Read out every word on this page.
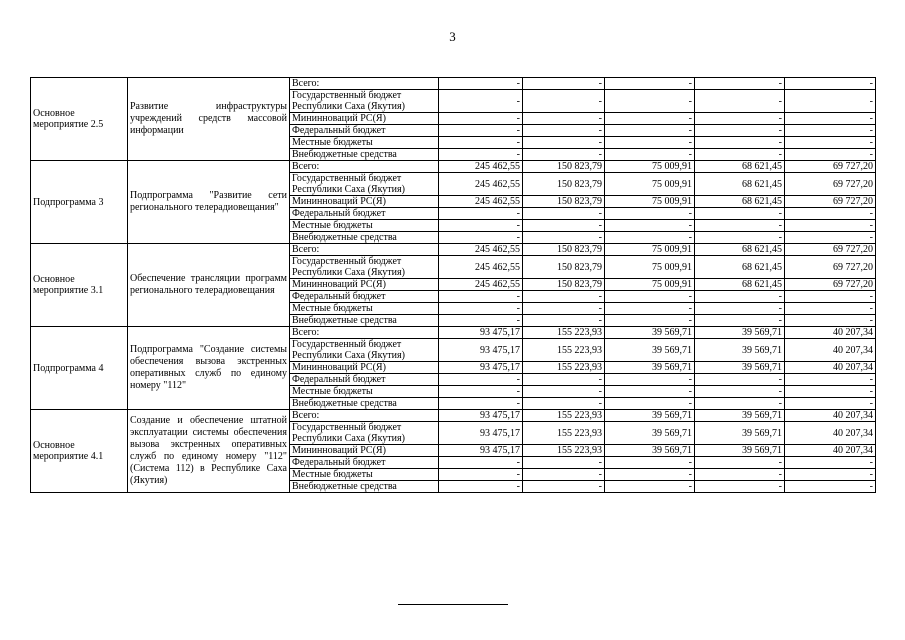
3
Основное мероприятие 2.5	Развитие инфраструктуры учреждений средств массовой информации	Всего:	-	-	-	-	-
		Государственный бюджет Республики Саха (Якутия)	-	-	-	-	-
		Мининноваций РС(Я)	-	-	-	-	-
		Федеральный бюджет	-	-	-	-	-
		Местные бюджеты	-	-	-	-	-
		Внебюджетные средства	-	-	-	-	-
Подпрограмма 3	Подпрограмма "Развитие сети регионального телерадиовещания"	Всего:	245 462,55	150 823,79	75 009,91	68 621,45	69 727,20
		Государственный бюджет Республики Саха (Якутия)	245 462,55	150 823,79	75 009,91	68 621,45	69 727,20
		Мининноваций РС(Я)	245 462,55	150 823,79	75 009,91	68 621,45	69 727,20
		Федеральный бюджет	-	-	-	-	-
		Местные бюджеты	-	-	-	-	-
		Внебюджетные средства	-	-	-	-	-
Основное мероприятие 3.1	Обеспечение трансляции программ регионального телерадиовещания	Всего:	245 462,55	150 823,79	75 009,91	68 621,45	69 727,20
		Государственный бюджет Республики Саха (Якутия)	245 462,55	150 823,79	75 009,91	68 621,45	69 727,20
		Мининноваций РС(Я)	245 462,55	150 823,79	75 009,91	68 621,45	69 727,20
		Федеральный бюджет	-	-	-	-	-
		Местные бюджеты	-	-	-	-	-
		Внебюджетные средства	-	-	-	-	-
Подпрограмма 4	Подпрограмма "Создание системы обеспечения вызова экстренных оперативных служб по единому номеру "112"	Всего:	93 475,17	155 223,93	39 569,71	39 569,71	40 207,34
		Государственный бюджет Республики Саха (Якутия)	93 475,17	155 223,93	39 569,71	39 569,71	40 207,34
		Мининноваций РС(Я)	93 475,17	155 223,93	39 569,71	39 569,71	40 207,34
		Федеральный бюджет	-	-	-	-	-
		Местные бюджеты	-	-	-	-	-
		Внебюджетные средства	-	-	-	-	-
Основное мероприятие 4.1	Создание и обеспечение штатной эксплуатации системы обеспечения вызова экстренных оперативных служб по единому номеру "112" (Система 112) в Республике Саха (Якутия)	Всего:	93 475,17	155 223,93	39 569,71	39 569,71	40 207,34
		Государственный бюджет Республики Саха (Якутия)	93 475,17	155 223,93	39 569,71	39 569,71	40 207,34
		Мининноваций РС(Я)	93 475,17	155 223,93	39 569,71	39 569,71	40 207,34
		Федеральный бюджет	-	-	-	-	-
		Местные бюджеты	-	-	-	-	-
		Внебюджетные средства	-	-	-	-	-
